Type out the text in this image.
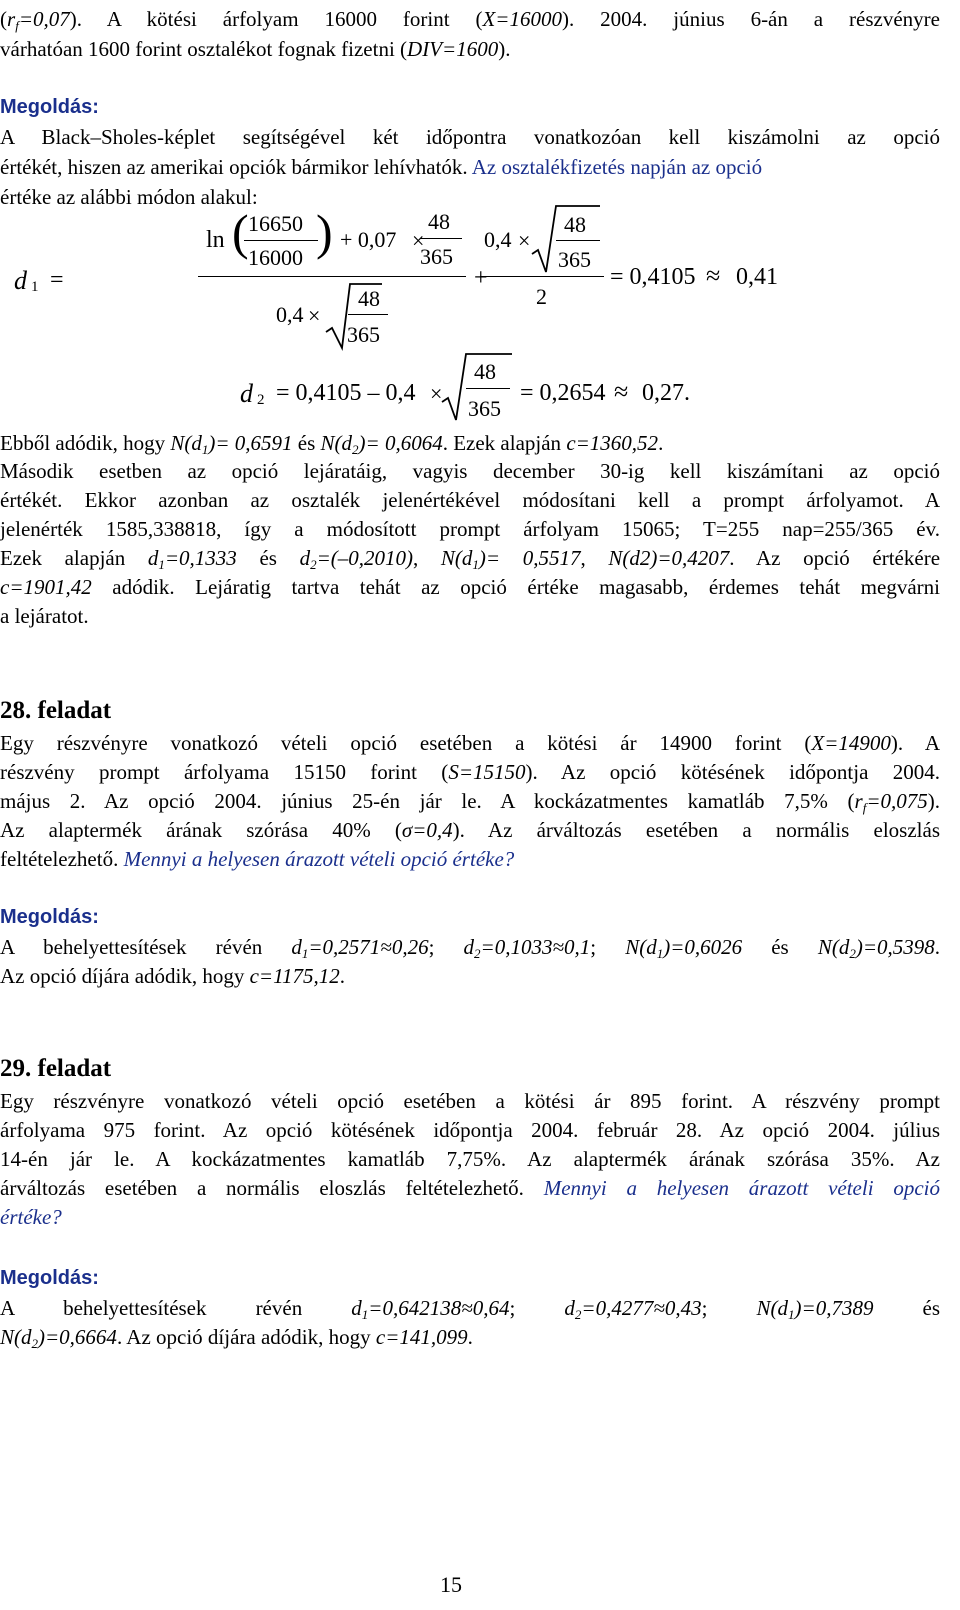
$(r_f=0,07)$. A kötési árfolyam 16000 forint (X=16000). 2004. június 6-án a részvényre
várhatóan 1600 forint osztalékot fognak fizetni (DIV=1600).
Megoldás:
A Black–Sholes-képlet segítségével két időpontra vonatkozóan kell kiszámolni az opció
értékét, hiszen az amerikai opciók bármikor lehívhatók. Az osztalékfizetés napján az opció
értéke az alábbi módon alakul:
d 1 =
ln ( 16650
16000 ) + 0,07 ×
48
365
+
0,4 ×
48
365
0,4 ×
48
365
2
= 0,4105 ≈ 0,41
d 2 = 0,4105 – 0,4 ×
48
365
= 0,2654 ≈ 0,27.
Ebből adódik, hogy $N(d_1)= 0,6591$ és $N(d_2)= 0,6064$. Ezek alapján c=1360,52.
Második esetben az opció lejáratáig, vagyis december 30-ig kell kiszámítani az opció
értékét. Ekkor azonban az osztalék jelenértékével módosítani kell a prompt árfolyamot. A
jelenérték 1585,338818, így a módosított prompt árfolyam 15065; T=255 nap=255/365 év.
Ezek alapján $d_1=0,1333$ és $d_2=(-0,2010)$, $N(d_1)= 0,5517$, N(d2)=0,4207. Az opció értékére
c=1901,42 adódik. Lejáratig tartva tehát az opció értéke magasabb, érdemes tehát megvárni
a lejáratot.
28. feladat
Egy részvényre vonatkozó vételi opció esetében a kötési ár 14900 forint (X=14900). A
részvény prompt árfolyama 15150 forint (S=15150). Az opció kötésének időpontja 2004.
május 2. Az opció 2004. június 25-én jár le. A kockázatmentes kamatláb 7,5% $(r_f=0,075)$.
Az alaptermék árának szórása 40% (σ=0,4). Az árváltozás esetében a normális eloszlás
feltételezhető. Mennyi a helyesen árazott vételi opció értéke?
Megoldás:
A behelyettesítések révén $d_1=0,2571\approx 0,26$; $d_2=0,1033\approx 0,1$; $N(d_1)=0,6026$ és $N(d_2)=0,5398$.
Az opció díjára adódik, hogy c=1175,12.
29. feladat
Egy részvényre vonatkozó vételi opció esetében a kötési ár 895 forint. A részvény prompt
árfolyama 975 forint. Az opció kötésének időpontja 2004. február 28. Az opció 2004. július
14-én jár le. A kockázatmentes kamatláb 7,75%. Az alaptermék árának szórása 35%. Az
árváltozás esetében a normális eloszlás feltételezhető. Mennyi a helyesen árazott vételi opció
értéke?
Megoldás:
A behelyettesítések révén $d_1=0,642138\approx 0,64$; $d_2=0,4277\approx 0,43$; $N(d_1)=0,7389$ és
$N(d_2)=0,6664$. Az opció díjára adódik, hogy c=141,099.
15
